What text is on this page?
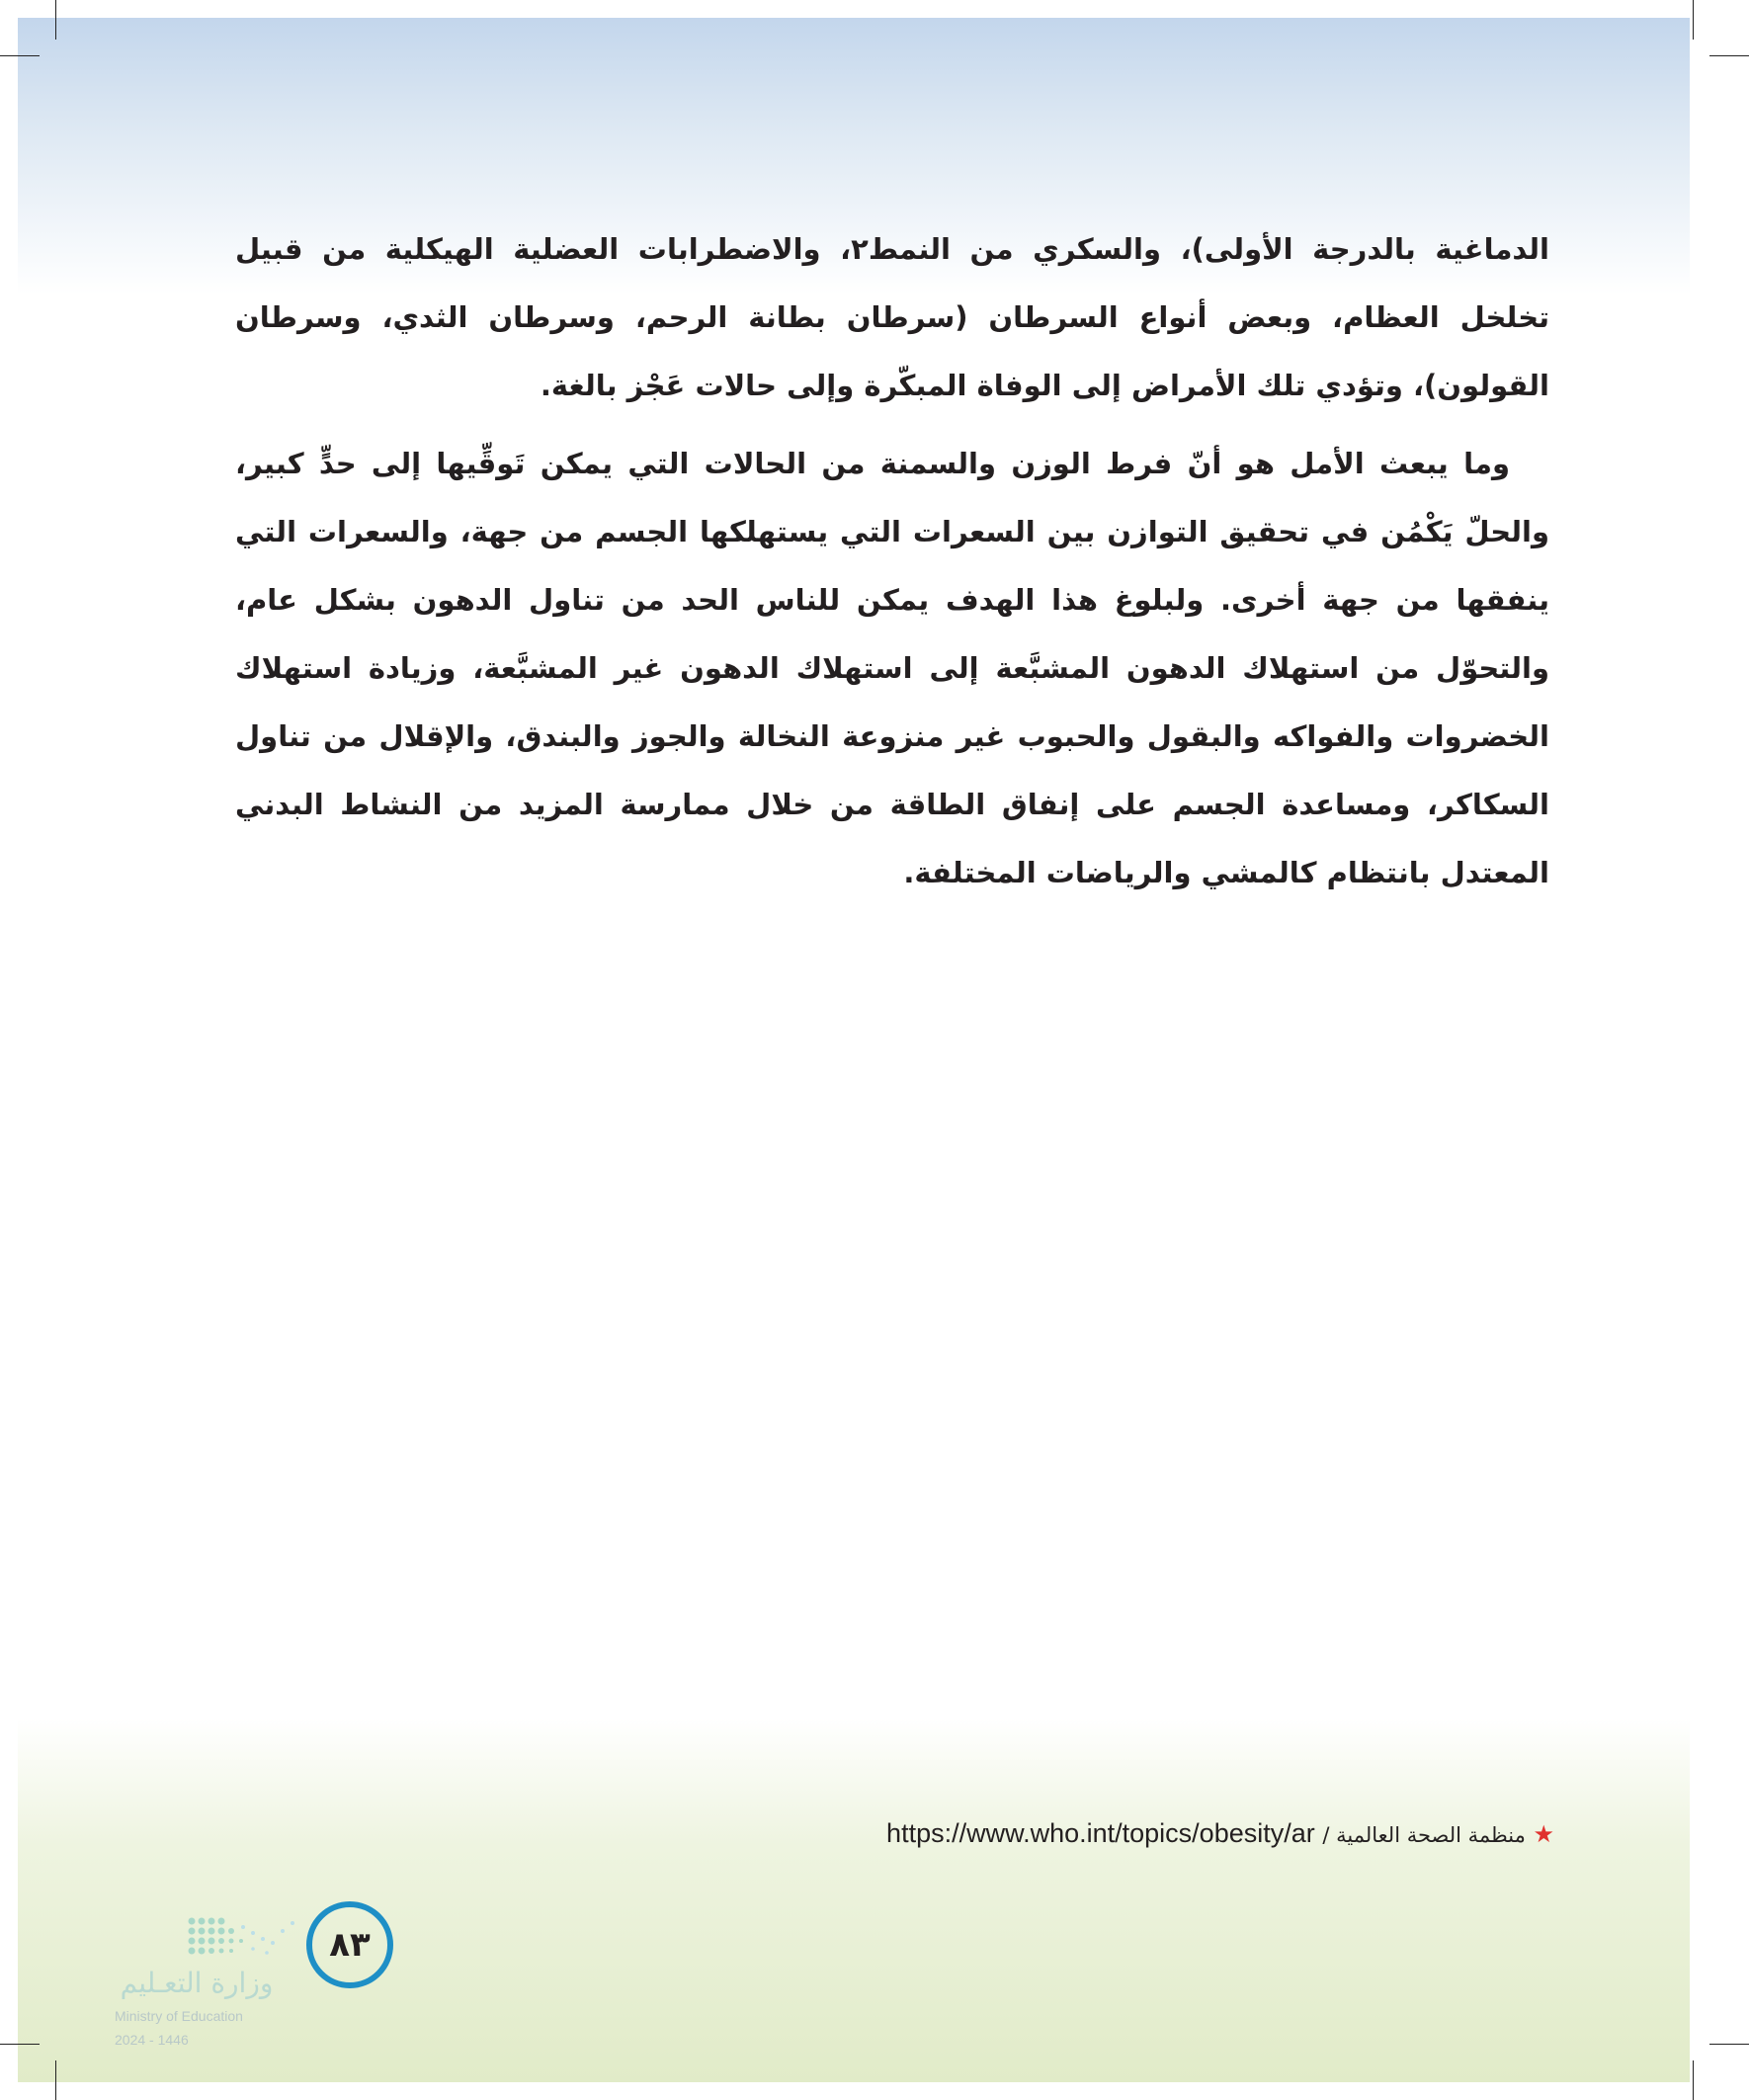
الدماغية بالدرجة الأولى)، والسكري من النمط٢، والاضطرابات العضلية الهيكلية من قبيل تخلخل العظام، وبعض أنواع السرطان (سرطان بطانة الرحم، وسرطان الثدي، وسرطان القولون)، وتؤدي تلك الأمراض إلى الوفاة المبكّرة وإلى حالات عَجْز بالغة.

وما يبعث الأمل هو أنّ فرط الوزن والسمنة من الحالات التي يمكن تَوقِّيها إلى حدٍّ كبير، والحلّ يَكْمُن في تحقيق التوازن بين السعرات التي يستهلكها الجسم من جهة، والسعرات التي ينفقها من جهة أخرى. ولبلوغ هذا الهدف يمكن للناس الحد من تناول الدهون بشكل عام، والتحوّل من استهلاك الدهون المشبَّعة إلى استهلاك الدهون غير المشبَّعة، وزيادة استهلاك الخضروات والفواكه والبقول والحبوب غير منزوعة النخالة والجوز والبندق، والإقلال من تناول السكاكر، ومساعدة الجسم على إنفاق الطاقة من خلال ممارسة المزيد من النشاط البدني المعتدل بانتظام كالمشي والرياضات المختلفة.

★ منظمة الصحة العالمية / https://www.who.int/topics/obesity/ar
وزارة التعـليم
Ministry of Education
2024 - 1446
٨٣
